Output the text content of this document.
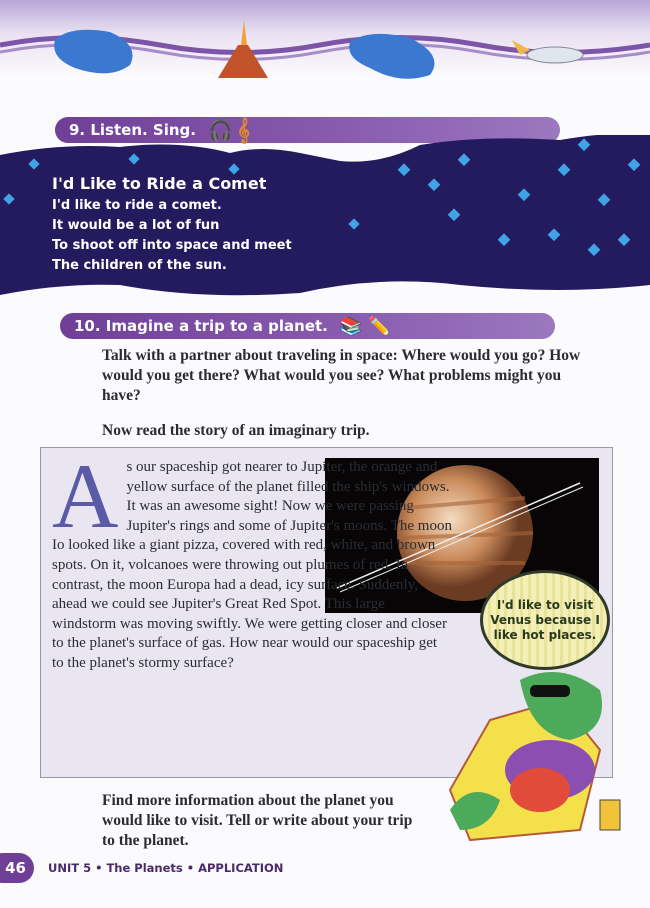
9. Listen. Sing. 🎧 𝄞
I'd Like to Ride a Comet
I'd like to ride a comet.
It would be a lot of fun
To shoot off into space and meet
The children of the sun.
10. Imagine a trip to a planet. 📚 ✏️
Talk with a partner about traveling in space: Where would you go? How would you get there? What would you see? What problems might you have?
Now read the story of an imaginary trip.
As our spaceship got nearer to Jupiter, the orange and yellow surface of the planet filled the ship's windows. It was an awesome sight! Now we were passing Jupiter's rings and some of Jupiter's moons. The moon Io looked like a giant pizza, covered with red, white, and brown spots. On it, volcanoes were throwing out plumes of red. In contrast, the moon Europa had a dead, icy surface. Suddenly, ahead we could see Jupiter's Great Red Spot. This large windstorm was moving swiftly. We were getting closer and closer to the planet's surface of gas. How near would our spaceship get to the planet's stormy surface?
I'd like to visit Venus because I like hot places.
Find more information about the planet you would like to visit. Tell or write about your trip to the planet.
46	UNIT 5 • The Planets • APPLICATION
